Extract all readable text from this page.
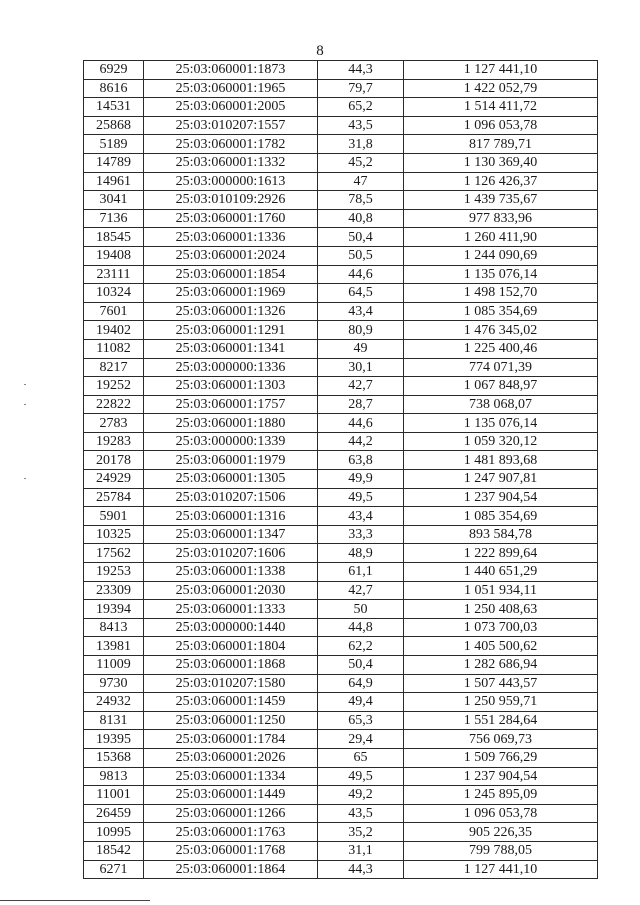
8
6929	25:03:060001:1873	44,3	1 127 441,10
8616	25:03:060001:1965	79,7	1 422 052,79
14531	25:03:060001:2005	65,2	1 514 411,72
25868	25:03:010207:1557	43,5	1 096 053,78
5189	25:03:060001:1782	31,8	817 789,71
14789	25:03:060001:1332	45,2	1 130 369,40
14961	25:03:000000:1613	47	1 126 426,37
3041	25:03:010109:2926	78,5	1 439 735,67
7136	25:03:060001:1760	40,8	977 833,96
18545	25:03:060001:1336	50,4	1 260 411,90
19408	25:03:060001:2024	50,5	1 244 090,69
23111	25:03:060001:1854	44,6	1 135 076,14
10324	25:03:060001:1969	64,5	1 498 152,70
7601	25:03:060001:1326	43,4	1 085 354,69
19402	25:03:060001:1291	80,9	1 476 345,02
11082	25:03:060001:1341	49	1 225 400,46
8217	25:03:000000:1336	30,1	774 071,39
19252	25:03:060001:1303	42,7	1 067 848,97
22822	25:03:060001:1757	28,7	738 068,07
2783	25:03:060001:1880	44,6	1 135 076,14
19283	25:03:000000:1339	44,2	1 059 320,12
20178	25:03:060001:1979	63,8	1 481 893,68
24929	25:03:060001:1305	49,9	1 247 907,81
25784	25:03:010207:1506	49,5	1 237 904,54
5901	25:03:060001:1316	43,4	1 085 354,69
10325	25:03:060001:1347	33,3	893 584,78
17562	25:03:010207:1606	48,9	1 222 899,64
19253	25:03:060001:1338	61,1	1 440 651,29
23309	25:03:060001:2030	42,7	1 051 934,11
19394	25:03:060001:1333	50	1 250 408,63
8413	25:03:000000:1440	44,8	1 073 700,03
13981	25:03:060001:1804	62,2	1 405 500,62
11009	25:03:060001:1868	50,4	1 282 686,94
9730	25:03:010207:1580	64,9	1 507 443,57
24932	25:03:060001:1459	49,4	1 250 959,71
8131	25:03:060001:1250	65,3	1 551 284,64
19395	25:03:060001:1784	29,4	756 069,73
15368	25:03:060001:2026	65	1 509 766,29
9813	25:03:060001:1334	49,5	1 237 904,54
11001	25:03:060001:1449	49,2	1 245 895,09
26459	25:03:060001:1266	43,5	1 096 053,78
10995	25:03:060001:1763	35,2	905 226,35
18542	25:03:060001:1768	31,1	799 788,05
6271	25:03:060001:1864	44,3	1 127 441,10
